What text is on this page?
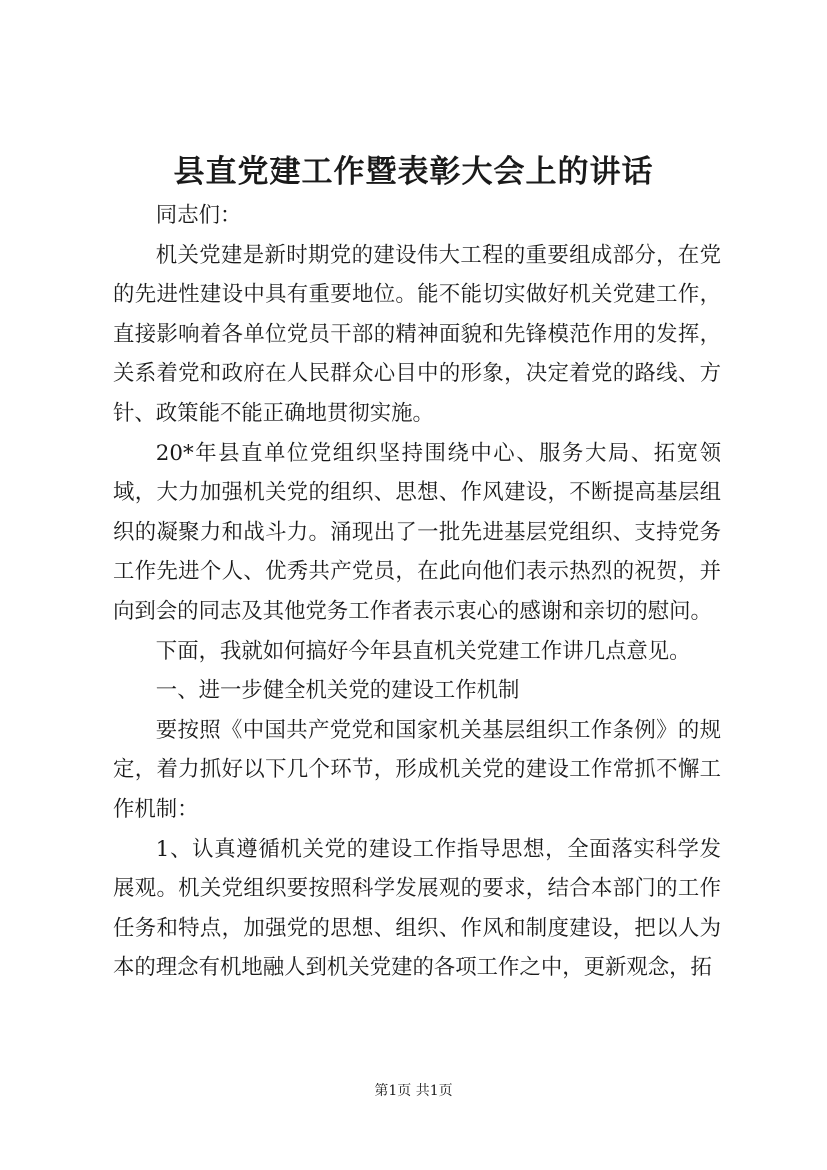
县直党建工作暨表彰大会上的讲话

同志们：

机关党建是新时期党的建设伟大工程的重要组成部分，在党的先进性建设中具有重要地位。能不能切实做好机关党建工作，直接影响着各单位党员干部的精神面貌和先锋模范作用的发挥，关系着党和政府在人民群众心目中的形象，决定着党的路线、方针、政策能不能正确地贯彻实施。

20*年县直单位党组织坚持围绕中心、服务大局、拓宽领域，大力加强机关党的组织、思想、作风建设，不断提高基层组织的凝聚力和战斗力。涌现出了一批先进基层党组织、支持党务工作先进个人、优秀共产党员，在此向他们表示热烈的祝贺，并向到会的同志及其他党务工作者表示衷心的感谢和亲切的慰问。

下面，我就如何搞好今年县直机关党建工作讲几点意见。

一、进一步健全机关党的建设工作机制

要按照《中国共产党党和国家机关基层组织工作条例》的规定，着力抓好以下几个环节，形成机关党的建设工作常抓不懈工作机制：

1、认真遵循机关党的建设工作指导思想，全面落实科学发展观。机关党组织要按照科学发展观的要求，结合本部门的工作任务和特点，加强党的思想、组织、作风和制度建设，把以人为本的理念有机地融人到机关党建的各项工作之中，更新观念，拓

第1页 共1页
